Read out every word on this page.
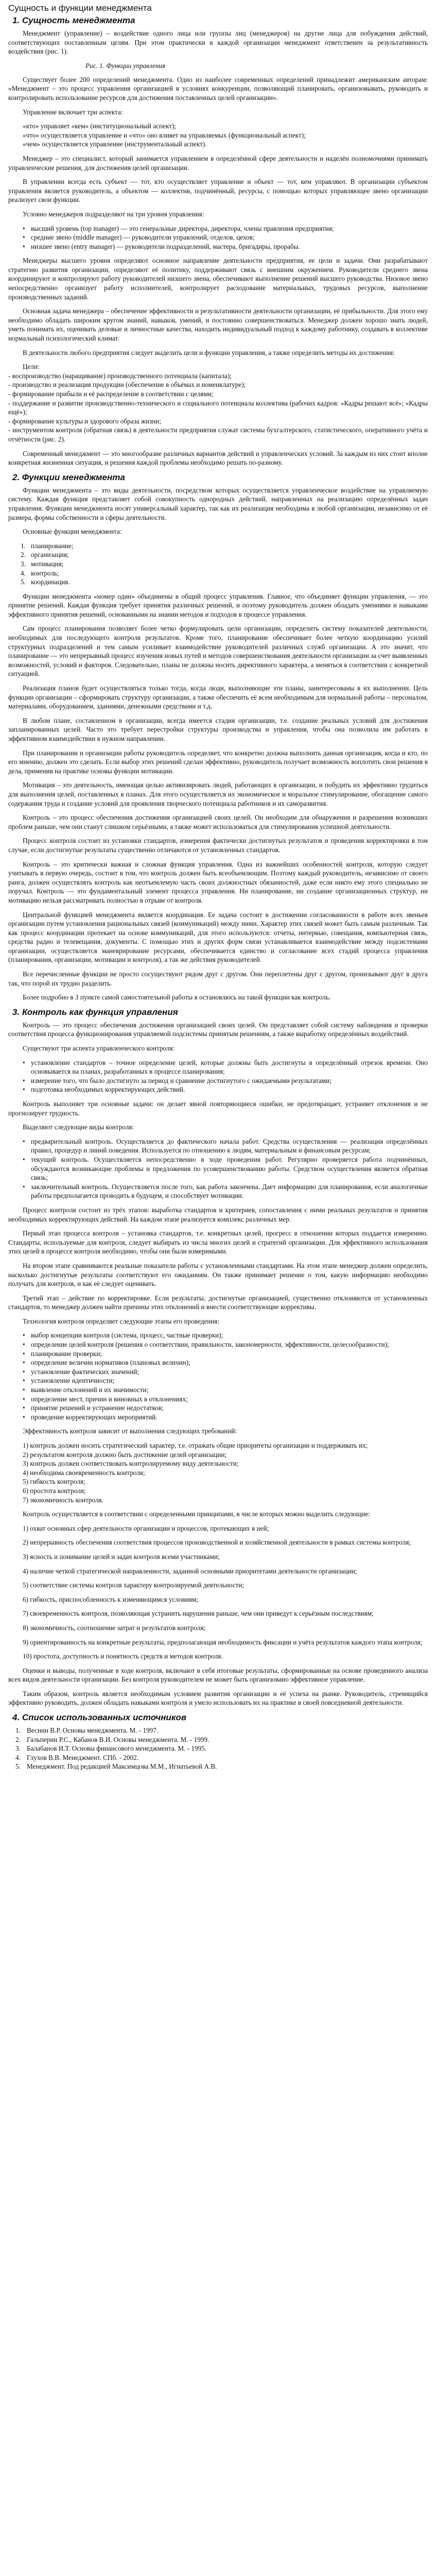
Сущность и функции менеджмента
1. Сущность менеджмента

Менеджмент (управление) – воздействие одного лица или группы лиц (менеджеров) на другие лица для побуждения действий, соответствующих поставленным целям. При этом практически в каждой организации менеджмент ответственен за результативность воздействия (рис. 1).

Рис. 1. Функции управления

Существует более 200 определений менеджмента. Одно из наиболее современных определений принадлежит американским авторам: «Менеджмент – это процесс управления организацией в условиях конкуренции, позволяющий планировать, организовывать, руководить и контролировать использование ресурсов для достижения поставленных целей организации».

Управление включает три аспекта:

«кто» управляет «кем» (институциональный аспект);
«что» осуществляется управление и «что» оно влияет на управляемых (функциональный аспект);
«чем» осуществляется управление (инструментальный аспект).

Менеджер – это специалист, который занимается управлением в определённой сфере деятельности и наделён полномочиями принимать управленческие решения, для достижения целей организации.

В управлении всегда есть субъект — тот, кто осуществляет управление и объект — тот, кем управляют. В организации субъектом управления является руководитель, а объектом — коллектив, подчинённый, ресурсы, с помощью которых управляющее звено организации реализует свои функции.

Условно менеджеров подразделяют на три уровня управления:

• высший уровень (top manager) — это генеральные директора, директора, члены правления предприятия;
• средние звено (middle manager) — руководители управлений, отделов, цехов;
• низшее звено (entry manager) — руководители подразделений, мастера, бригадиры, прорабы.

Менеджеры высшего уровня определяют основное направление деятельности предприятия, ее цели и задачи. Они разрабатывают стратегию развития организации, определяют её политику, поддерживают связь с внешним окружением. Руководители среднего звена координируют и контролируют работу руководителей низшего звена, обеспечивают выполнение решений высшего руководства. Низовое звено непосредственно организует работу исполнителей, контролирует расходование материальных, трудовых ресурсов, выполнение производственных заданий.

Основная задача менеджера – обеспечение эффективности и результативности деятельности организации, её прибыльности. Для этого ему необходимо обладать широким кругом знаний, навыков, умений, и постоянно совершенствоваться. Менеджер должен хорошо знать людей, уметь понимать их, оценивать деловые и личностные качества, находить индивидуальный подход к каждому работнику, создавать в коллективе нормальный психологический климат.

В деятельности любого предприятия следует выделить цели и функции управления, а также определить методы их достижения:

Цели:
- воспроизводство (наращивание) производственного потенциала (капитала);
- производство и реализация продукции (обеспечение в объёмах и номенклатуре);
- формирование прибыли и её распределение в соответствии с целями;
- поддержание и развитие производственно-технического и социального потенциала коллектива (рабочих кадров: «Кадры решают всё»; «Кадры ещё»);
- формирование культуры и здорового образа жизни;
- инструментом контроля (обратная связь) в деятельности предприятия служат системы бухгалтерского, статистического, оперативного учёта и отчётности (рис. 2).

Современный менеджмент — это многообразие различных вариантов действий и управленческих условий. За каждым из них стоит вполне конкретная жизненная ситуация, и решения каждой проблемы необходимо решать по-разному.

2. Функции менеджмента

Функции менеджмента – это виды деятельности, посредством которых осуществляется управленческое воздействие на управляемую систему. Каждая функция представляет собой совокупность однородных действий, направленных на реализацию определённых задач управления. Функции менеджмента носят универсальный характер, так как их реализация необходима в любой организации, независимо от её размера, формы собственности и сферы деятельности.

Основные функции менеджмента:

1. планирование;
2. организация;
3. мотивация;
4. контроль;
5. координация.

Функции менеджмента «номер один» объединены в общий процесс управления. Главное, что объединяет функции управления, — это принятие решений. Каждая функция требует принятия различных решений, и поэтому руководитель должен обладать умениями и навыками эффективного принятия решений, основанными на знании методов и подходов в процессе управления.

Сам процесс планирования позволяет более четко формулировать цели организации, определить систему показателей деятельности, необходимых для последующего контроля результатов. Кроме того, планирование обеспечивает более четкую координацию усилий структурных подразделений и тем самым усиливает взаимодействие руководителей различных служб организации. А это значит, что планирование — это непрерывный процесс изучения новых путей и методов совершенствования деятельности организации за счет выявленных возможностей, условий и факторов. Следовательно, планы не должны носить директивного характера, а меняться в соответствии с конкретной ситуацией.

Реализация планов будет осуществляться только тогда, когда люди, выполняющие эти планы, заинтересованы в их выполнении. Цель функции организации – сформировать структуру организации, а также обеспечить её всем необходимым для нормальной работы – персоналом, материалами, оборудованием, зданиями, денежными средствами и т.д.

В любом плане, составленном в организации, всегда имеется стадия организации, т.е. создание реальных условий для достижения запланированных целей. Часто это требует перестройки структуры производства и управления, чтобы она позволила им работать в эффективном взаимодействии в нужном направлении.

При планировании и организации работы руководитель определяет, что конкретно должна выполнить данная организация, когда и кто, по его мнению, должен это сделать. Если выбор этих решений сделан эффективно, руководитель получает возможность воплотить свои решения в дела, применив на практике основы функции мотивации.

Мотивация – это деятельность, имеющая целью активизировать людей, работающих в организации, и побудить их эффективно трудиться для выполнения целей, поставленных в планах. Для этого осуществляется их экономическое и моральное стимулирование, обогащение самого содержания труда и создание условий для проявления творческого потенциала работников и их саморазвития.

Контроль – это процесс обеспечения достижения организацией своих целей. Он необходим для обнаружения и разрешения возникших проблем раньше, чем они станут слишком серьёзными, а также может использоваться для стимулирования успешной деятельности.

Процесс контроля состоит из установки стандартов, измерения фактически достигнутых результатов и проведения корректировки в том случае, если достигнутые результаты существенно отличаются от установленных стандартов.

Контроль – это критически важная и сложная функция управления. Одна из важнейших особенностей контроля, которую следует учитывать в первую очередь, состоит в том, что контроль должен быть всеобъемлющим. Поэтому каждый руководитель, независимо от своего ранга, должен осуществлять контроль как неотъемлемую часть своих должностных обязанностей, даже если никто ему этого специально не поручал. Контроль — это фундаментальный элемент процесса управления. Ни планирование, ни создание организационных структур, ни мотивацию нельзя рассматривать полностью в отрыве от контроля.

Центральной функцией менеджмента является координация. Ее задача состоит в достижении согласованности в работе всех звеньев организации путем установления рациональных связей (коммуникаций) между ними. Характер этих связей может быть самым различным. Так как процесс координации протекает на основе коммуникаций, для этого используются: отчеты, интервью, совещания, компьютерная связь, средства радио и телевещания, документы. С помощью этих и других форм связи устанавливается взаимодействие между подсистемами организации, осуществляется маневрирование ресурсами, обеспечивается единство и согласование всех стадий процесса управления (планирования, организации, мотивации и контроля), а так же действия руководителей.

Все перечисленные функции не просто сосуществуют рядом друг с другом. Они переплетены друг с другом, пронизывают друг в друга так, что порой их трудно разделить.

Более подробно в 3 пункте самой самостоятельной работы я остановлюсь на такой функции как контроль.

3. Контроль как функция управления

Контроль — это процесс обеспечения достижения организацией своих целей. Он представляет собой систему наблюдения и проверки соответствия процесса функционирования управляемой подсистемы принятым решениям, а также выработку определённых воздействий.

Существуют три аспекта управленческого контроля:

• установление стандартов – точное определение целей, которые должны быть достигнуты в определённый отрезок времени. Оно основывается на планах, разработанных в процессе планирования;
• измерение того, что было достигнуто за период и сравнение достигнутого с ожидаемыми результатами;
• подготовка необходимых корректирующих действий.

Контроль выполняет три основные задачи: он делает явной повторяющиеся ошибки, не предотвращает, устраняет отклонения и не прогнозирует трудность.

Выделяют следующие виды контроля:

• предварительный контроль. Осуществляется до фактического начала работ. Средства осуществления — реализация определённых правил, процедур и линий поведения. Используется по отношению к людям, материальным и финансовым ресурсам;
• текущий контроль. Осуществляется непосредственно в ходе проведения работ. Регулярно проверяется работа подчинённых, обсуждаются возникающие проблемы и предложения по усовершенствованию работы. Средством осуществления является обратная связь;
• заключительный контроль. Осуществляется после того, как работа закончена. Дает информацию для планирования, если аналогичные работы предполагается проводить в будущем, и способствует мотивации.

Процесс контроля состоит из трёх этапов: выработка стандартов и критериев, сопоставления с ними реальных результатов и принятия необходимых корректирующих действий. На каждом этапе реализуется комплекс различных мер.

Первый этап процесса контроля – установка стандартов, т.е. конкретных целей, прогресс в отношении которых поддается измерению. Стандарты, используемые для контроля, следует выбирать из числа многих целей и стратегий организации. Для эффективного использования этих целей в процессе контроля необходимо, чтобы они были измеримыми.

На втором этапе сравниваются реальные показатели работы с установленными стандартами. На этом этапе менеджер должен определить, насколько достигнутые результаты соответствуют его ожиданиям. Он также принимает решение о том, какую информацию необходимо получать для контроля, и как её следует оценивать.

Третий этап – действие по корректировке. Если результаты, достигнутые организацией, существенно отклоняются от установленных стандартов, то менеджер должен найти причины этих отклонений и внести соответствующие коррективы.

Технология контроля определяет следующие этапы его проведения:

• выбор концепции контроля (система, процесс, частные проверки);
• определение целей контроля (решения о соответствии, правильности, закономерности, эффективности, целесообразности);
• планирование проверки;
• определение величин нормативов (плановых величин);
• установление фактических значений;
• установление идентичности;
• выявление отклонений и их значимости;
• определение мест, причин и виновных в отклонениях;
• принятие решений и устранение недостатков;
• проведение корректирующих мероприятий.

Эффективность контроля зависит от выполнения следующих требований:

1) контроль должен носить стратегический характер, т.е. отражать общие приоритеты организации и поддерживать их;
2) результатом контроля должно быть достижение целей организации;
3) контроль должен соответствовать контролируемому виду деятельности;
4) необходима своевременность контроля;
5) гибкость контроля;
6) простота контроля;
7) экономичность контроля.

Контроль осуществляется в соответствии с определенными принципами, в числе которых можно выделить следующие:

1) охват основных сфер деятельности организации и процессов, протекающих в ней;

2) непрерывность обеспечения соответствия процессов производственной и хозяйственной деятельности в рамках системы контроля;

3) ясность и понимание целей и задач контроля всеми участниками;

4) наличие четкой стратегической направленности, заданной основными приоритетами деятельности организации;

5) соответствие системы контроля характеру контролируемой деятельности;

6) гибкость, приспособленность к изменяющимся условиям;

7) своевременность контроля, позволяющая устранить нарушения раньше, чем они приведут к серьёзным последствиям;

8) экономичность, соотношение затрат и результатов контроля;

9) ориентированность на конкретные результаты, предполагающая необходимость фиксации и учёта результатов каждого этапа контроля;

10) простота, доступность и понятность средств и методов контроля.

Оценки и выводы, полученные в ходе контроля, включают в себя итоговые результаты, сформированные на основе проведенного анализа всех видов деятельности организации. Без контроля руководителем не может быть организовано эффективное управление.

Таким образом, контроль является необходимым условием развития организации и её успеха на рынке. Руководитель, стремящийся эффективно руководить, должен обладать навыками контроля и умело использовать их на практике в своей повседневной деятельности.

4. Список использованных источников
1. Веснин В.Р. Основы менеджмента. М. - 1997.
2. Гальперин Р.С., Кабанов В.И. Основы менеджмента. М. - 1999.
3. Балабанов И.Т. Основы финансового менеджмента. М. - 1995.
4. Глухов В.В. Менеджмент. СПб. - 2002.
5. Менеджмент. Под редакцией Максимцова М.М., Игнатьевой А.В.
